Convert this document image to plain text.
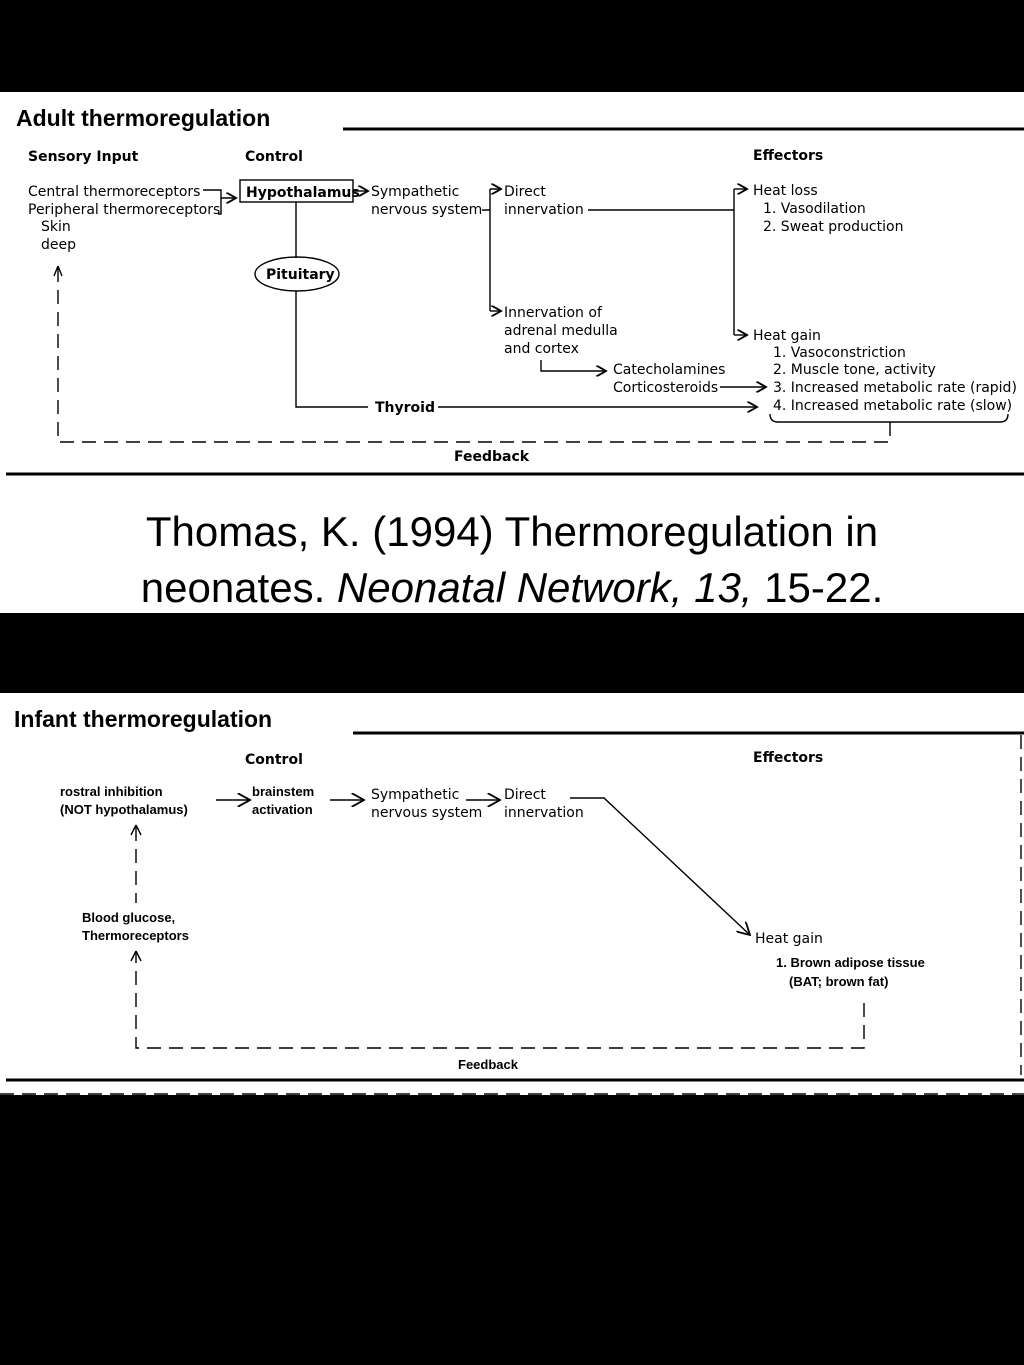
Adult thermoregulation
Sensory Input	Control	Effectors
Central thermoreceptors
Peripheral thermoreceptors
Skin
deep
Hypothalamus Sympathetic
nervous system
Pituitary
Thyroid
Direct
innervation
Innervation of
adrenal medulla
and cortex
Catecholamines
Corticosteroids
Heat loss
1. Vasodilation
2. Sweat production
Heat gain
1. Vasoconstriction
2. Muscle tone, activity
3. Increased metabolic rate (rapid)
4. Increased metabolic rate (slow)
Feedback
Thomas, K. (1994) Thermoregulation in
neonates. Neonatal Network, 13, 15-22.
Infant thermoregulation
Control	Effectors
rostral inhibition
(NOT hypothalamus)
brainstem
activation
Sympathetic
nervous system
Direct
innervation
Blood glucose,
Thermoreceptors	Heat gain
1. Brown adipose tissue
(BAT; brown fat)
Feedback
